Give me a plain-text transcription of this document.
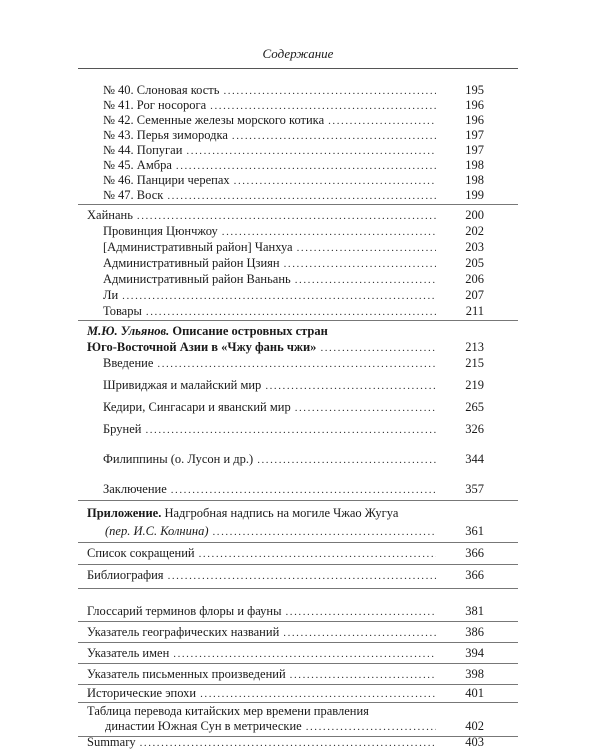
Содержание
№ 40. Слоновая кость . . .	195
№ 41. Рог носорога . . .	196
№ 42. Семенные железы морского котика . . .	196
№ 43. Перья зимородка . . .	197
№ 44. Попугаи . . .	197
№ 45. Амбра . . .	198
№ 46. Панцири черепах . . .	198
№ 47. Воск . . .	199
Хайнань . . .	200
Провинция Цюнчжоу . . .	202
[Административный район] Чанхуа . . .	203
Административный район Цзиян . . .	205
Административный район Ваньань . . .	206
Ли . . .	207
Товары . . .	211
М.Ю. Ульянов. Описание островных стран
Юго-Восточной Азии в «Чжу фань чжи» . . .	213
Введение . . .	215
Шривиджая и малайский мир . . .	219
Кедири, Сингасари и яванский мир . . .	265
Бруней . . .	326
Филиппины (о. Лусон и др.) . . .	344
Заключение . . .	357
Приложение. Надгробная надпись на могиле Чжао Жугуа
(пер. И.С. Колнина) . . .	361
Список сокращений . . .	366
Библиография . . .	366
Глоссарий терминов флоры и фауны . . .	381
Указатель географических названий . . .	386
Указатель имен . . .	394
Указатель письменных произведений . . .	398
Исторические эпохи . . .	401
Таблица перевода китайских мер времени правления
династии Южная Сун в метрические . . .	402
Summary . . .	403
